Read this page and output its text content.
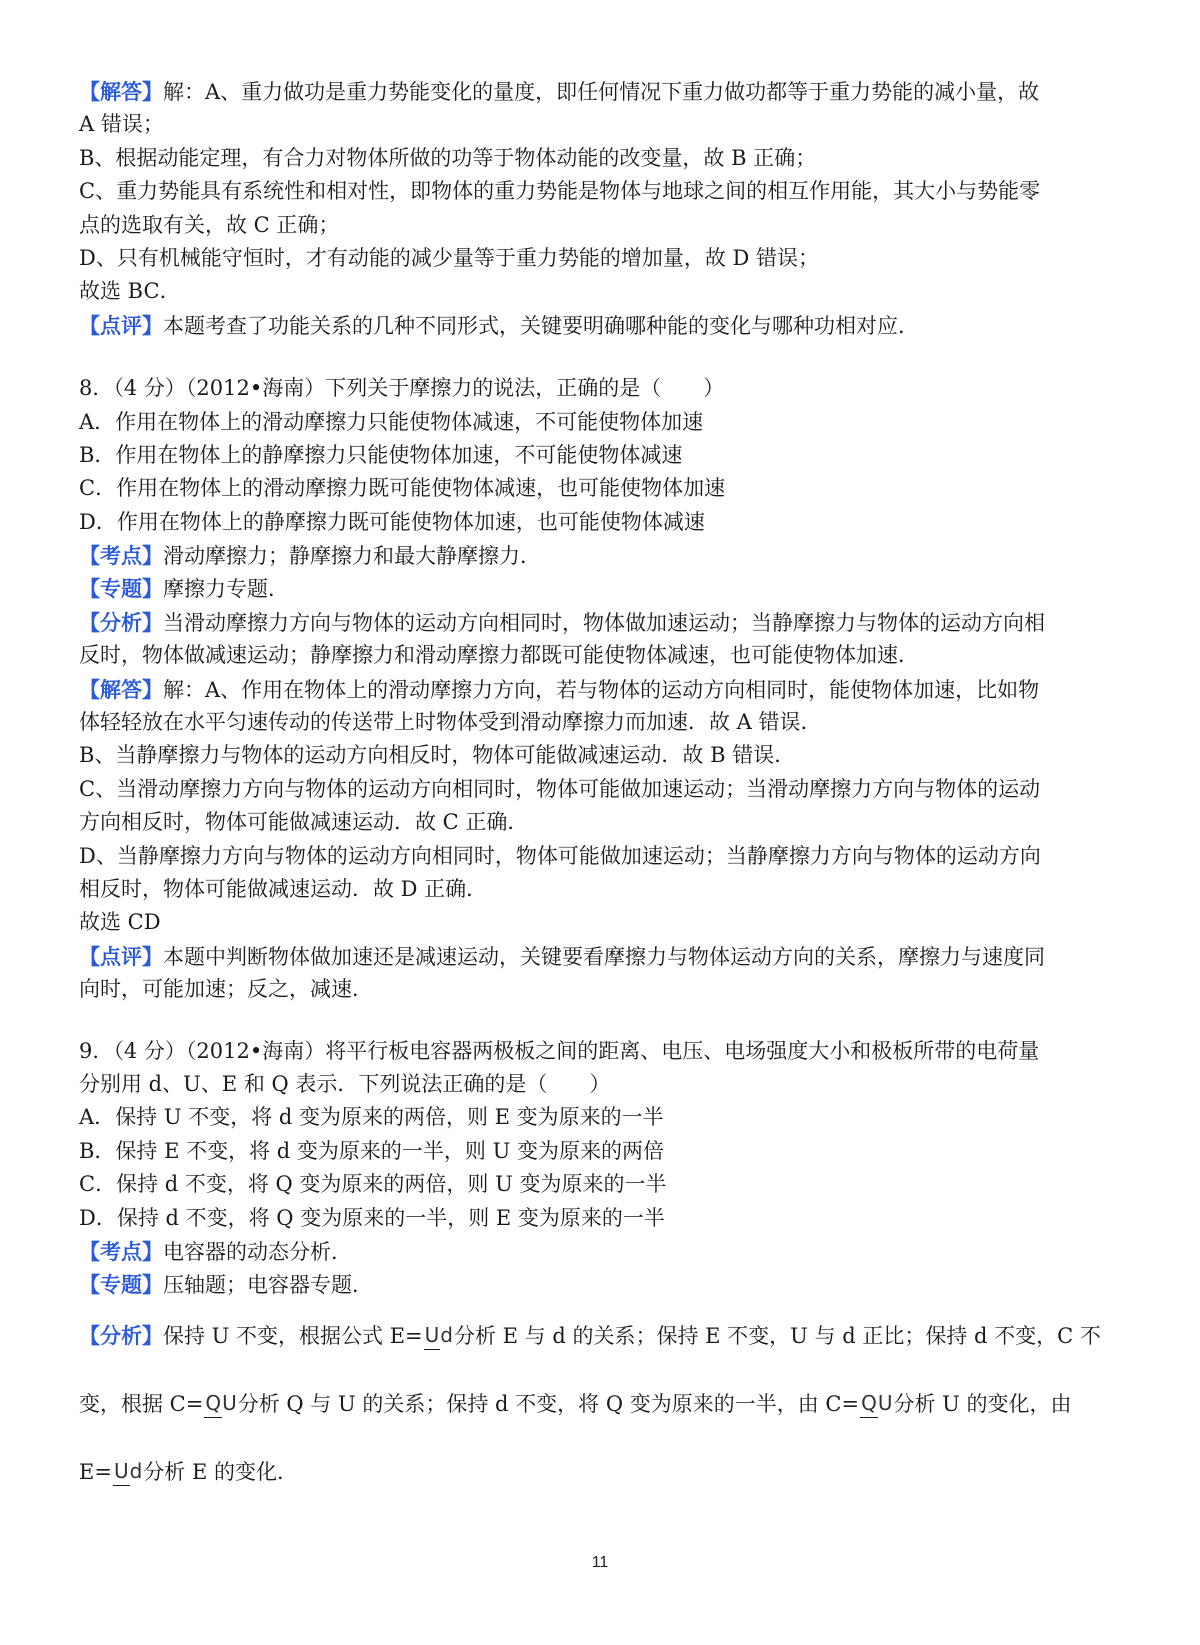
【解答】解：A、重力做功是重力势能变化的量度，即任何情况下重力做功都等于重力势能的减小量，故
A 错误；
B、根据动能定理，有合力对物体所做的功等于物体动能的改变量，故 B 正确；
C、重力势能具有系统性和相对性，即物体的重力势能是物体与地球之间的相互作用能，其大小与势能零
点的选取有关，故 C 正确；
D、只有机械能守恒时，才有动能的减少量等于重力势能的增加量，故 D 错误；
故选 BC．
【点评】本题考查了功能关系的几种不同形式，关键要明确哪种能的变化与哪种功相对应．
8．（4 分）（2012•海南）下列关于摩擦力的说法，正确的是（　　）
A．作用在物体上的滑动摩擦力只能使物体减速，不可能使物体加速
B．作用在物体上的静摩擦力只能使物体加速，不可能使物体减速
C．作用在物体上的滑动摩擦力既可能使物体减速，也可能使物体加速
D．作用在物体上的静摩擦力既可能使物体加速，也可能使物体减速
【考点】滑动摩擦力；静摩擦力和最大静摩擦力．
【专题】摩擦力专题．
【分析】当滑动摩擦力方向与物体的运动方向相同时，物体做加速运动；当静摩擦力与物体的运动方向相
反时，物体做减速运动；静摩擦力和滑动摩擦力都既可能使物体减速，也可能使物体加速．
【解答】解：A、作用在物体上的滑动摩擦力方向，若与物体的运动方向相同时，能使物体加速，比如物
体轻轻放在水平匀速传动的传送带上时物体受到滑动摩擦力而加速．故 A 错误．
B、当静摩擦力与物体的运动方向相反时，物体可能做减速运动．故 B 错误．
C、当滑动摩擦力方向与物体的运动方向相同时，物体可能做加速运动；当滑动摩擦力方向与物体的运动
方向相反时，物体可能做减速运动．故 C 正确．
D、当静摩擦力方向与物体的运动方向相同时，物体可能做加速运动；当静摩擦力方向与物体的运动方向
相反时，物体可能做减速运动．故 D 正确．
故选 CD
【点评】本题中判断物体做加速还是减速运动，关键要看摩擦力与物体运动方向的关系，摩擦力与速度同
向时，可能加速；反之，减速．
9．（4 分）（2012•海南）将平行板电容器两极板之间的距离、电压、电场强度大小和极板所带的电荷量
分别用 d、U、E 和 Q 表示．下列说法正确的是（　　）
A．保持 U 不变，将 d 变为原来的两倍，则 E 变为原来的一半
B．保持 E 不变，将 d 变为原来的一半，则 U 变为原来的两倍
C．保持 d 不变，将 Q 变为原来的两倍，则 U 变为原来的一半
D．保持 d 不变，将 Q 变为原来的一半，则 E 变为原来的一半
【考点】电容器的动态分析．
【专题】压轴题；电容器专题．
【分析】 保持 U 不变，根据公式 E= Ud 分析 E 与 d 的关系；保持 E 不变，U 与 d 正比；保持 d 不变，C 不
变，根据 C= QU 分析 Q 与 U 的关系；保持 d 不变，将 Q 变为原来的一半，由 C= QU 分析 U 的变化，由
E= Ud 分析 E 的变化．
11
